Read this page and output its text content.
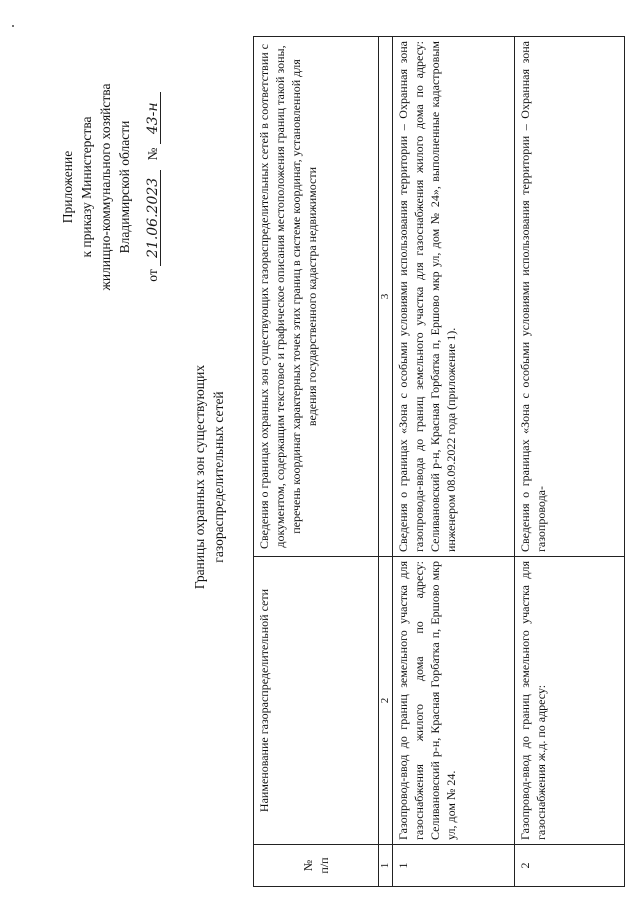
Приложение к приказу Министерства жилищно-коммунального хозяйства Владимирской области
от 21.06.2023 № 43-н
Границы охранных зон существующих газораспределительных сетей
№ п/п	Наименование газораспределительной сети	Сведения о границах охранных зон существующих газораспределительных сетей в соответствии с документом, содержащим текстовое и графическое описания местоположения границ такой зоны, перечень координат характерных точек этих границ в системе координат, установленной для ведения государственного кадастра недвижимости
1	2	3
1	Газопровод-ввод до границ земельного участка для газоснабжения жилого дома по адресу: Селивановский р-н, Красная Горбатка п, Ершово мкр ул, дом № 24.	Сведения о границах «Зона с особыми условиями использования территории – Охранная зона газопровода-ввода до границ земельного участка для газоснабжения жилого дома по адресу: Селивановский р-н, Красная Горбатка п, Ершово мкр ул, дом № 24», выполненные кадастровым инженером 08.09.2022 года (приложение 1).
2	Газопровод-ввод до границ земельного участка для газоснабжения ж.д. по адресу:	Сведения о границах «Зона с особыми условиями использования территории – Охранная зона газопровода-
